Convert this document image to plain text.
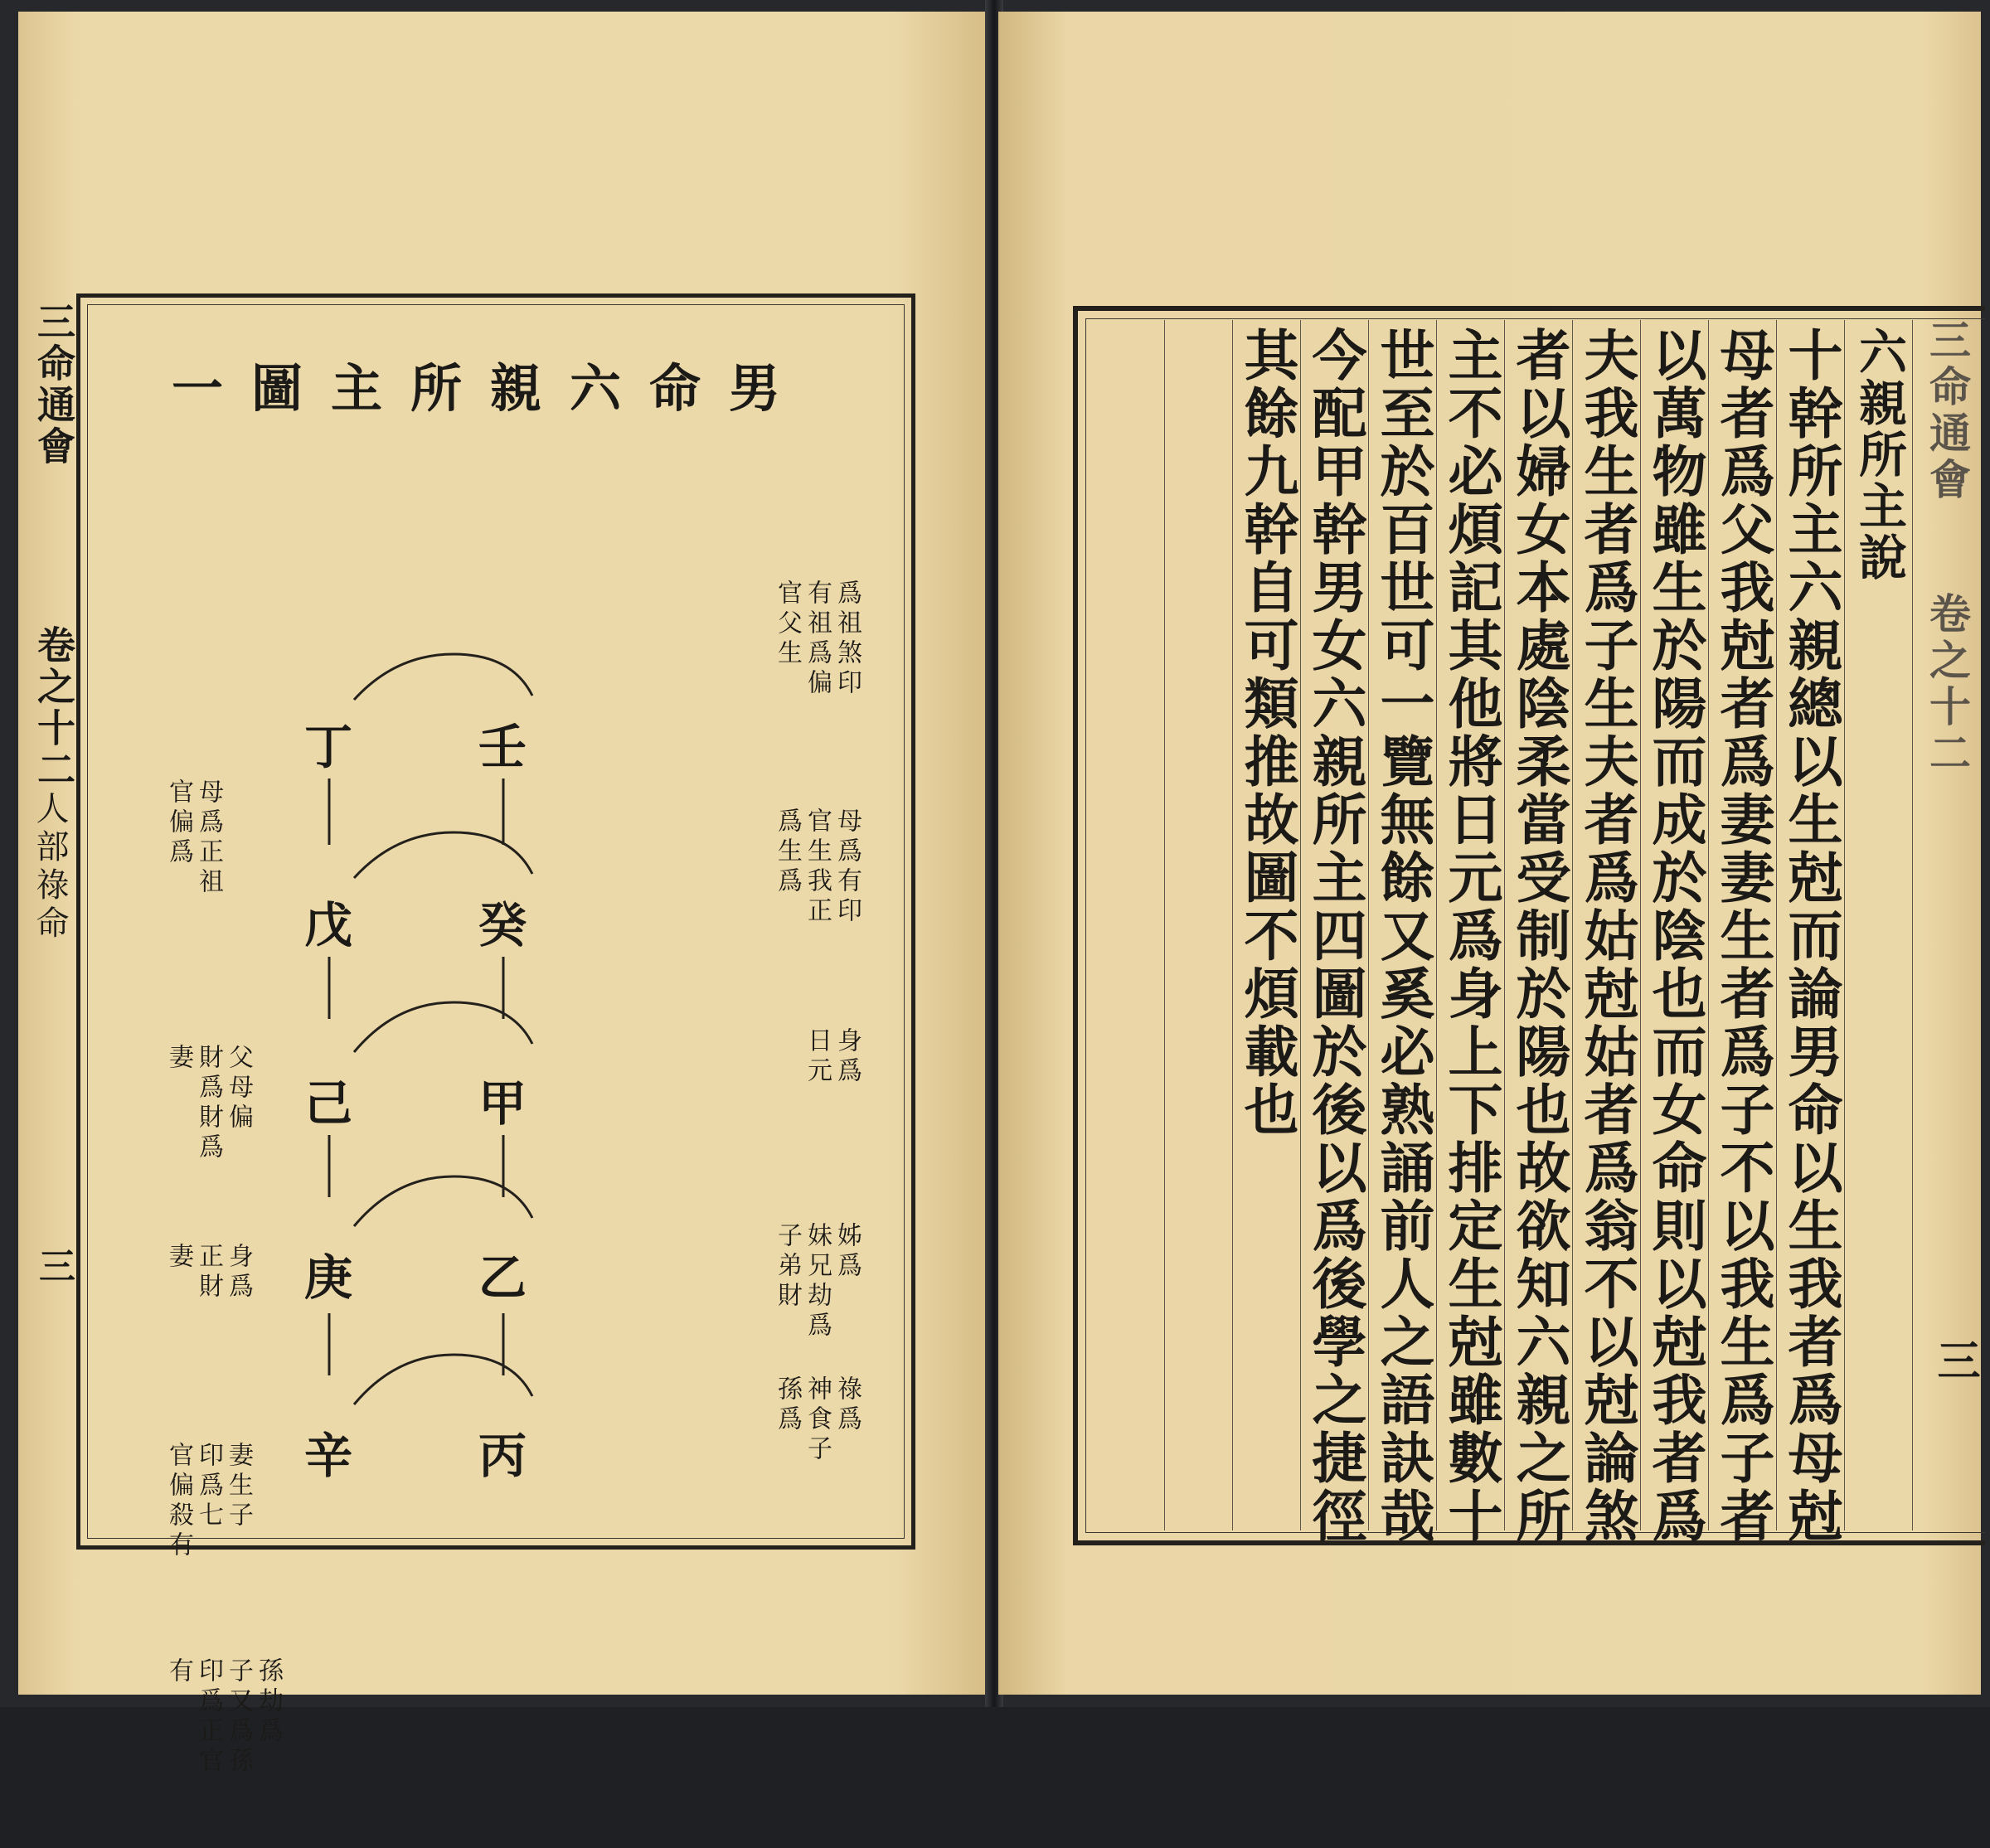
三命通會
卷之十二
人部祿命
三
男命六親所主圖一
爲祖煞印
有祖爲偏
官父生
母爲有印
官生我正
爲生爲
身爲
日元
姊爲
妹兄劫爲
子弟財
祿爲
神食子
孫爲
母爲正祖
官偏爲
父母偏
財爲財爲
妻
身爲
正財
妻
妻生子
印爲七
官偏殺有
孫劫爲
子又爲孫
印爲正官
有
壬
癸
甲
乙
丙
丁
戊
己
庚
辛
三命通會
卷之十二
三
六親所主說
十幹所主六親總以生尅而論男命以生我者爲母尅
母者爲父我尅者爲妻妻生者爲子不以我生爲子者
以萬物雖生於陽而成於陰也而女命則以尅我者爲
夫我生者爲子生夫者爲姑尅姑者爲翁不以尅論煞
者以婦女本處陰柔當受制於陽也故欲知六親之所
主不必煩記其他將日元爲身上下排定生尅雖數十
世至於百世可一覽無餘又奚必熟誦前人之語訣哉
今配甲幹男女六親所主四圖於後以爲後學之捷徑
其餘九幹自可類推故圖不煩載也
